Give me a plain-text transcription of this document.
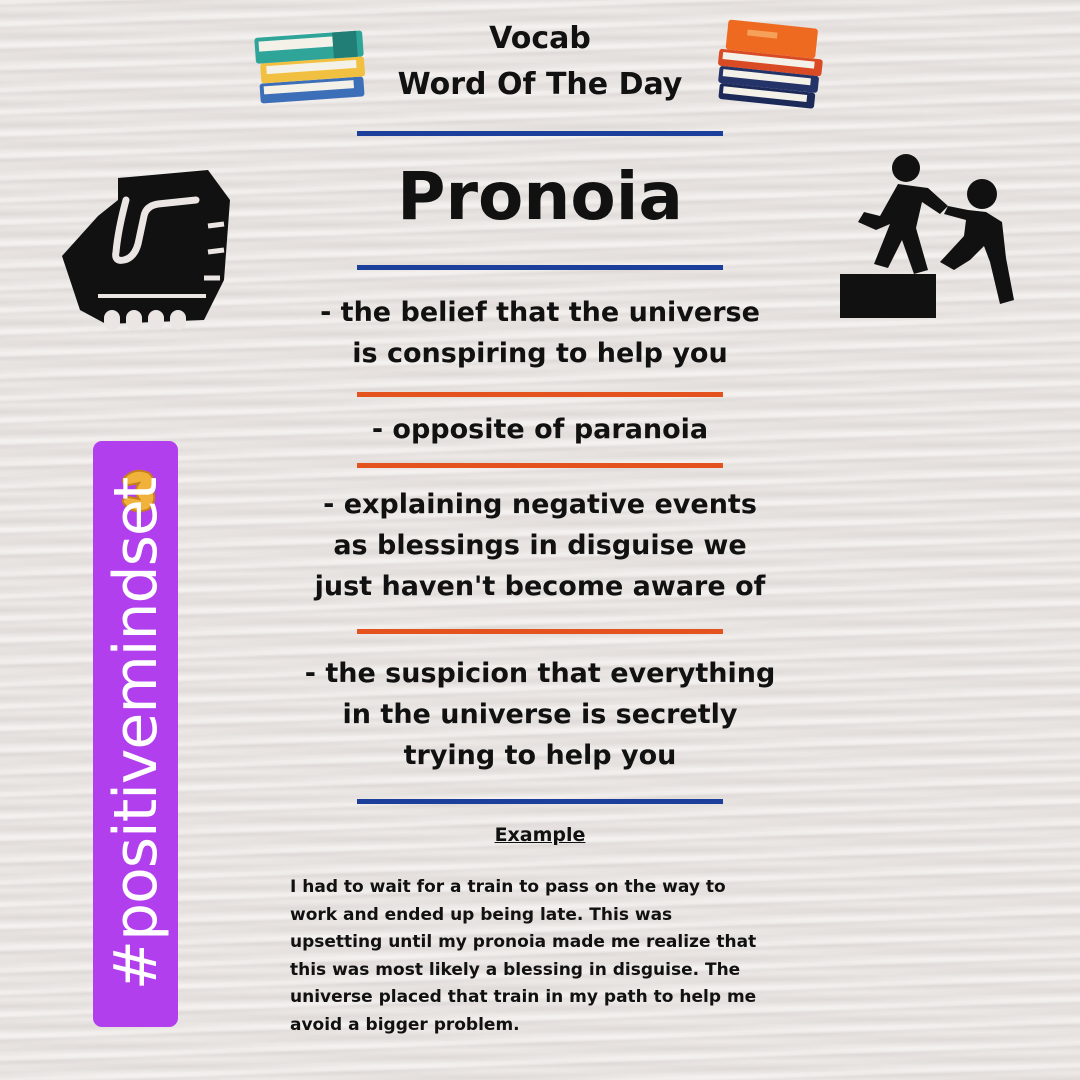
Vocab
Word Of The Day
Pronoia
- the belief that the universe
is conspiring to help you
- opposite of paranoia
- explaining negative events
as blessings in disguise we
just haven't become aware of
- the suspicion that everything
in the universe is secretly
trying to help you
Example
I had to wait for a train to pass on the way to
work and ended up being late. This was
upsetting until my pronoia made me realize that
this was most likely a blessing in disguise. The
universe placed that train in my path to help me
avoid a bigger problem.
#positivemindset
